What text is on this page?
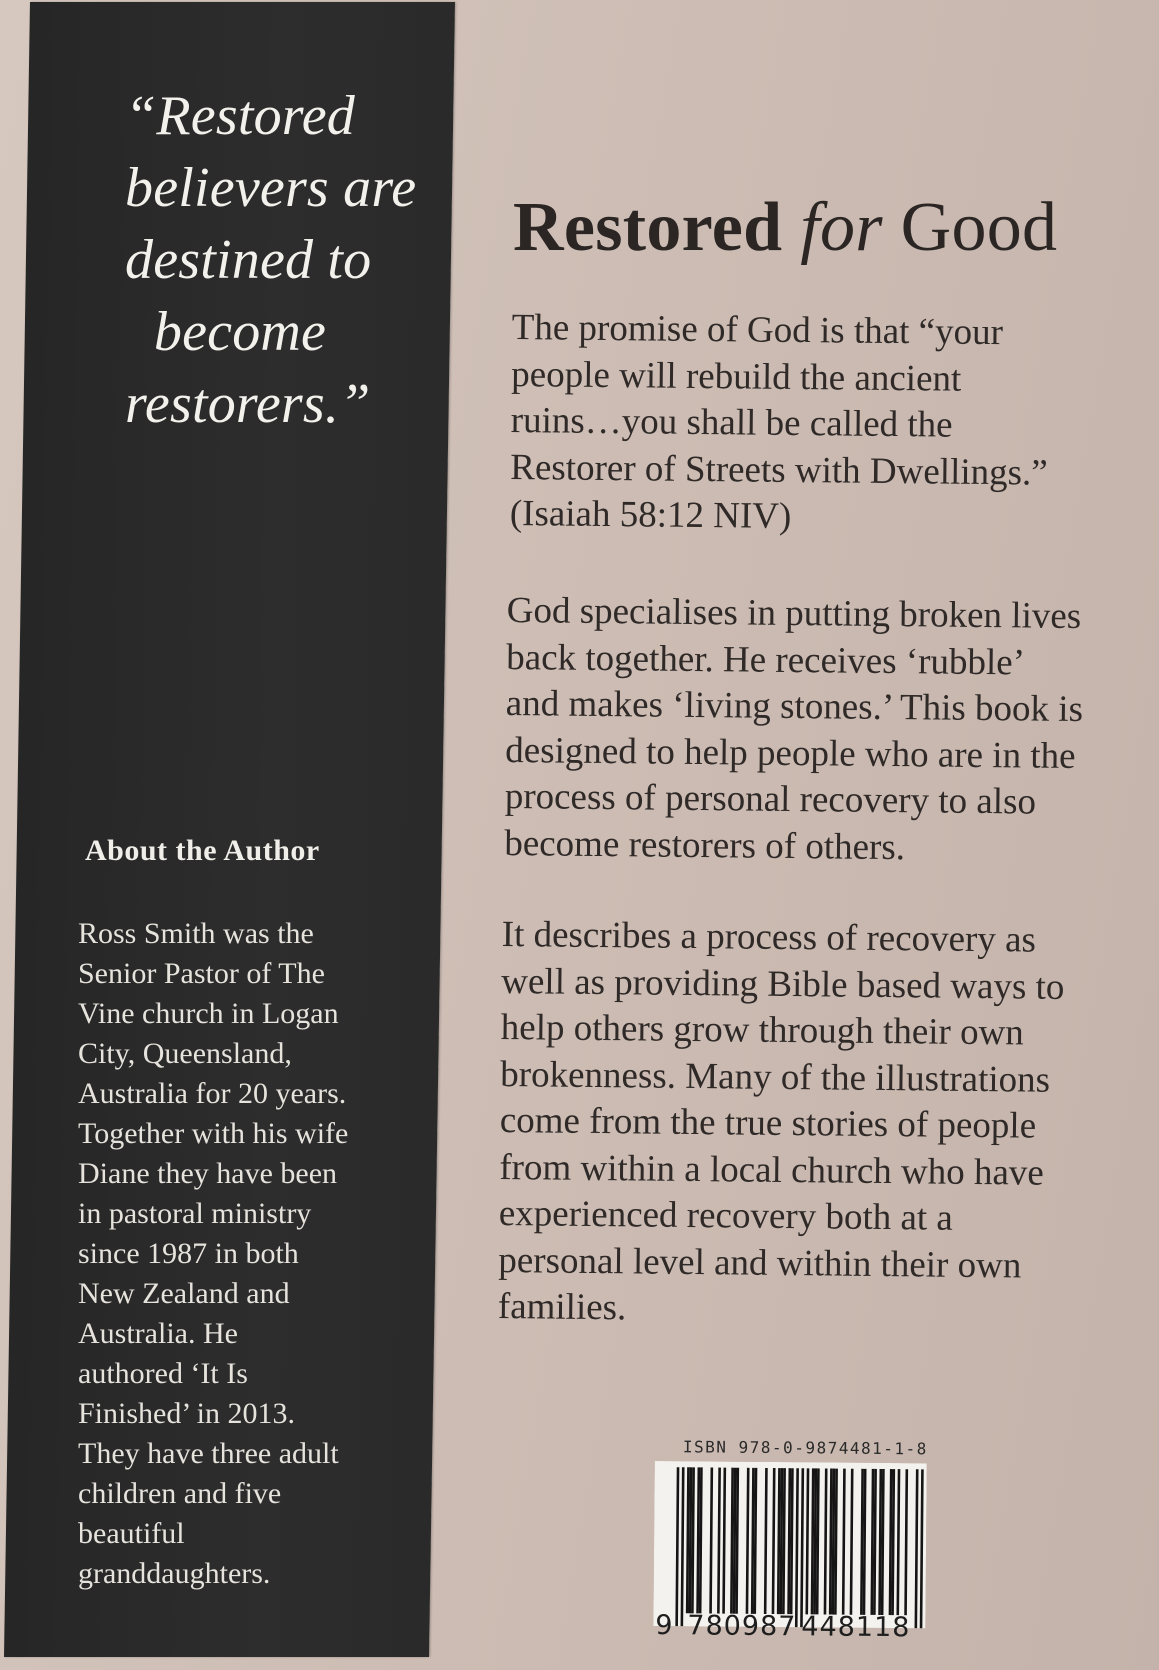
“Restored
believers are
destined to
become
restorers.”
About the Author
Ross Smith was the
Senior Pastor of The
Vine church in Logan
City, Queensland,
Australia for 20 years.
Together with his wife
Diane they have been
in pastoral ministry
since 1987 in both
New Zealand and
Australia. He
authored ‘It Is
Finished’ in 2013.
They have three adult
children and five
beautiful
granddaughters.
Restored for Good
The promise of God is that “your
people will rebuild the ancient
ruins…you shall be called the
Restorer of Streets with Dwellings.”
(Isaiah 58:12 NIV)
God specialises in putting broken lives
back together. He receives ‘rubble’
and makes ‘living stones.’ This book is
designed to help people who are in the
process of personal recovery to also
become restorers of others.
It describes a process of recovery as
well as providing Bible based ways to
help others grow through their own
brokenness. Many of the illustrations
come from the true stories of people
from within a local church who have
experienced recovery both at a
personal level and within their own
families.
ISBN 978-0-9874481-1-8
9 780987 448118
